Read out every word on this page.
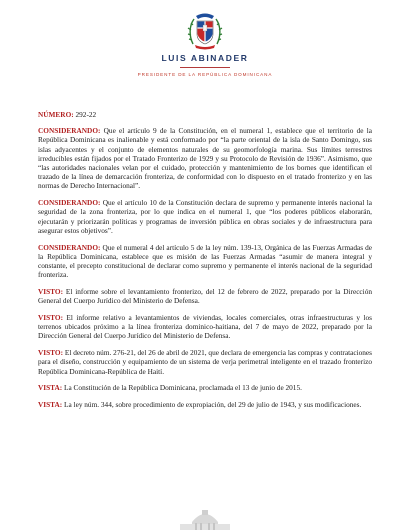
LUIS ABINADER
PRESIDENTE DE LA REPÚBLICA DOMINICANA

NÚMERO: 292-22

CONSIDERANDO: Que el artículo 9 de la Constitución, en el numeral 1, establece que el territorio de la República Dominicana es inalienable y está conformado por “la parte oriental de la isla de Santo Domingo, sus islas adyacentes y el conjunto de elementos naturales de su geomorfología marina. Sus límites terrestres irreducibles están fijados por el Tratado Fronterizo de 1929 y su Protocolo de Revisión de 1936”. Asimismo, que “las autoridades nacionales velan por el cuidado, protección y mantenimiento de los bornes que identifican el trazado de la línea de demarcación fronteriza, de conformidad con lo dispuesto en el tratado fronterizo y en las normas de Derecho Internacional”.

CONSIDERANDO: Que el artículo 10 de la Constitución declara de supremo y permanente interés nacional la seguridad de la zona fronteriza, por lo que indica en el numeral 1, que “los poderes públicos elaborarán, ejecutarán y priorizarán políticas y programas de inversión pública en obras sociales y de infraestructura para asegurar estos objetivos”.

CONSIDERANDO: Que el numeral 4 del artículo 5 de la ley núm. 139-13, Orgánica de las Fuerzas Armadas de la República Dominicana, establece que es misión de las Fuerzas Armadas “asumir de manera integral y constante, el precepto constitucional de declarar como supremo y permanente el interés nacional de la seguridad fronteriza.

VISTO: El informe sobre el levantamiento fronterizo, del 12 de febrero de 2022, preparado por la Dirección General del Cuerpo Jurídico del Ministerio de Defensa.

VISTO: El informe relativo a levantamientos de viviendas, locales comerciales, otras infraestructuras y los terrenos ubicados próximo a la línea fronteriza dominico-haitiana, del 7 de mayo de 2022, preparado por la Dirección General del Cuerpo Jurídico del Ministerio de Defensa.

VISTO: El decreto núm. 276-21, del 26 de abril de 2021, que declara de emergencia las compras y contrataciones para el diseño, construcción y equipamiento de un sistema de verja perimetral inteligente en el trazado fronterizo República Dominicana-República de Haití.

VISTA: La Constitución de la República Dominicana, proclamada el 13 de junio de 2015.

VISTA: La ley núm. 344, sobre procedimiento de expropiación, del 29 de julio de 1943, y sus modificaciones.
